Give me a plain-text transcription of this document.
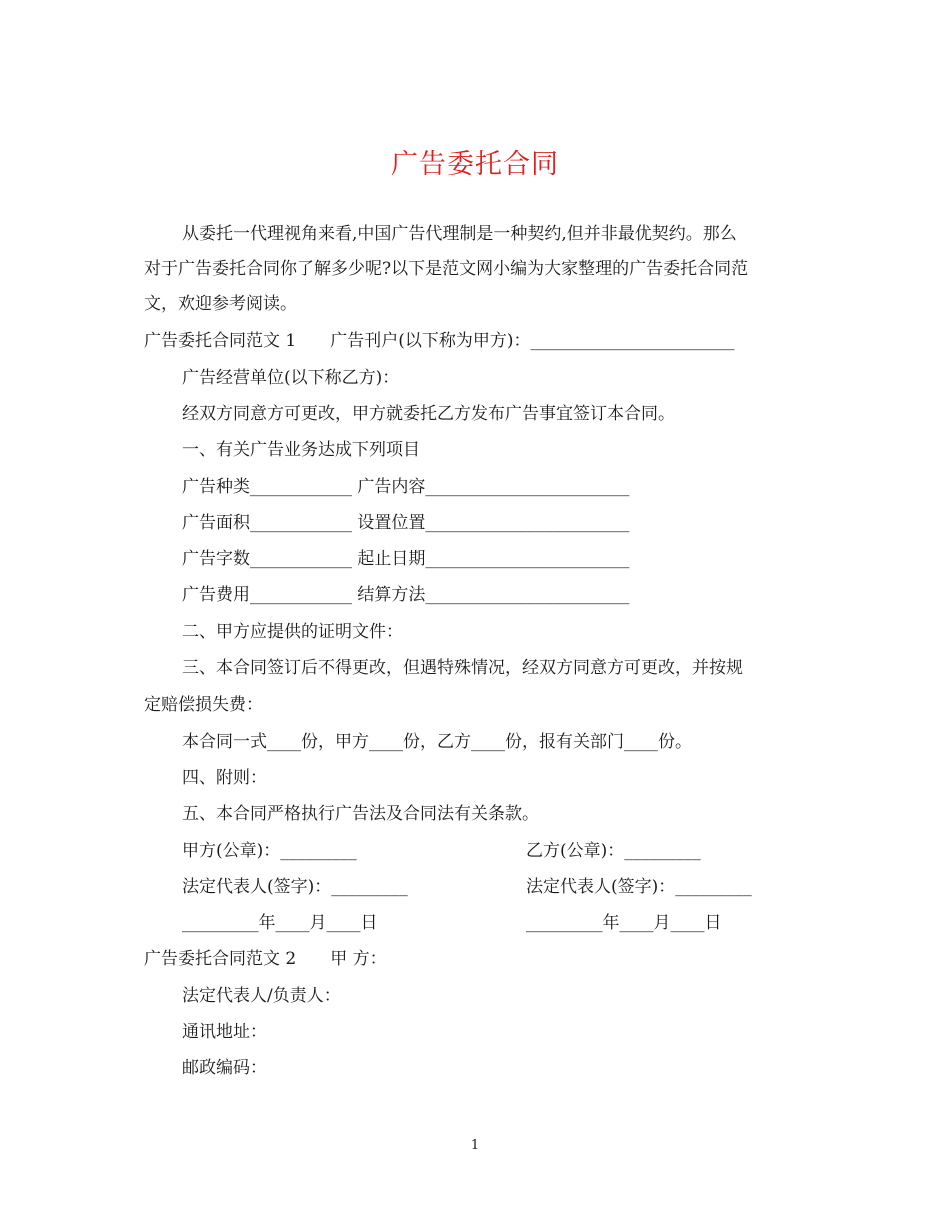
广告委托合同
从委托一代理视角来看,中国广告代理制是一种契约,但并非最优契约。那么
对于广告委托合同你了解多少呢?以下是范文网小编为大家整理的广告委托合同范
文，欢迎参考阅读。
广告委托合同范文 1　　广告刊户(以下称为甲方)：________________________
广告经营单位(以下称乙方)：
经双方同意方可更改，甲方就委托乙方发布广告事宜签订本合同。
一、有关广告业务达成下列项目
广告种类____________ 广告内容________________________
广告面积____________ 设置位置________________________
广告字数____________ 起止日期________________________
广告费用____________ 结算方法________________________
二、甲方应提供的证明文件：
三、本合同签订后不得更改，但遇特殊情况，经双方同意方可更改，并按规
定赔偿损失费：
本合同一式____份，甲方____份，乙方____份，报有关部门____份。
四、附则：
五、本合同严格执行广告法及合同法有关条款。
甲方(公章)：_________
法定代表人(签字)：_________
_________年____月____日
乙方(公章)：_________
法定代表人(签字)：_________
_________年____月____日
广告委托合同范文 2　　甲 方：
法定代表人/负责人：
通讯地址：
邮政编码：
1
